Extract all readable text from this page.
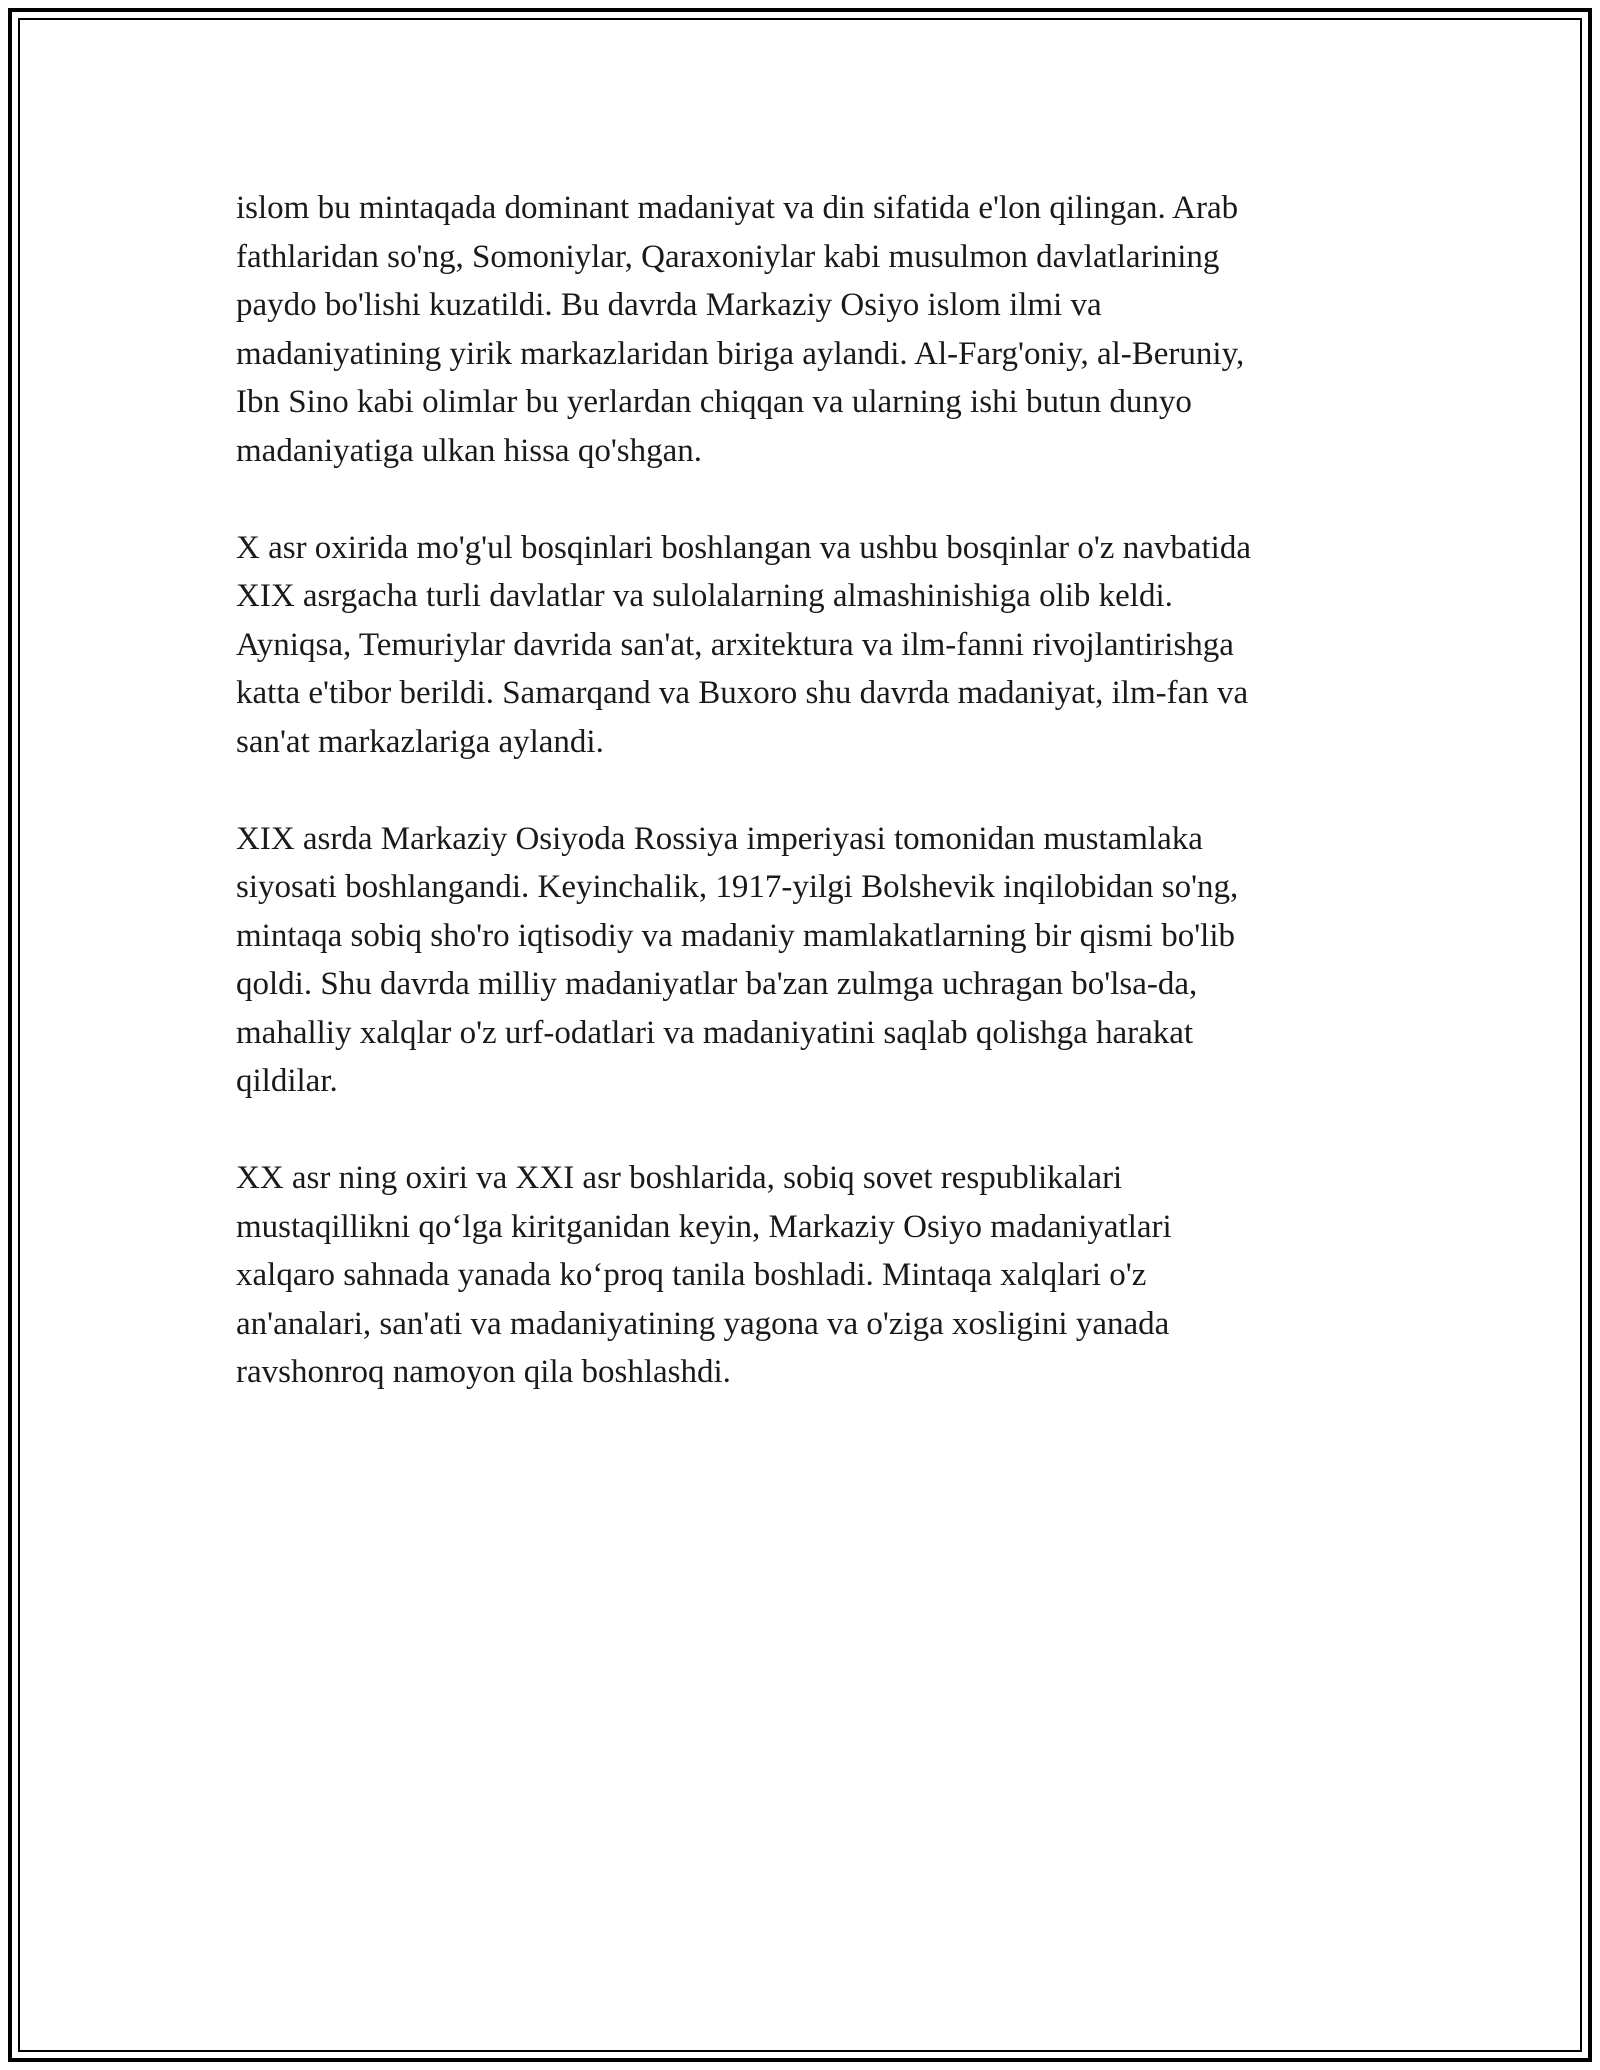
islom bu mintaqada dominant madaniyat va din sifatida e'lon qilingan. Arab
fathlaridan so'ng, Somoniylar, Qaraxoniylar kabi musulmon davlatlarining
paydo bo'lishi kuzatildi. Bu davrda Markaziy Osiyo islom ilmi va
madaniyatining yirik markazlaridan biriga aylandi. Al-Farg'oniy, al-Beruniy,
Ibn Sino kabi olimlar bu yerlardan chiqqan va ularning ishi butun dunyo
madaniyatiga ulkan hissa qo'shgan.

X asr oxirida mo'g'ul bosqinlari boshlangan va ushbu bosqinlar o'z navbatida
XIX asrgacha turli davlatlar va sulolalarning almashinishiga olib keldi.
Ayniqsa, Temuriylar davrida san'at, arxitektura va ilm-fanni rivojlantirishga
katta e'tibor berildi. Samarqand va Buxoro shu davrda madaniyat, ilm-fan va
san'at markazlariga aylandi.

XIX asrda Markaziy Osiyoda Rossiya imperiyasi tomonidan mustamlaka
siyosati boshlangandi. Keyinchalik, 1917-yilgi Bolshevik inqilobidan so'ng,
mintaqa sobiq sho'ro iqtisodiy va madaniy mamlakatlarning bir qismi bo'lib
qoldi. Shu davrda milliy madaniyatlar ba'zan zulmga uchragan bo'lsa-da,
mahalliy xalqlar o'z urf-odatlari va madaniyatini saqlab qolishga harakat
qildilar.

XX asr ning oxiri va XXI asr boshlarida, sobiq sovet respublikalari
mustaqillikni qo‘lga kiritganidan keyin, Markaziy Osiyo madaniyatlari
xalqaro sahnada yanada ko‘proq tanila boshladi. Mintaqa xalqlari o'z
an'analari, san'ati va madaniyatining yagona va o'ziga xosligini yanada
ravshonroq namoyon qila boshlashdi.
